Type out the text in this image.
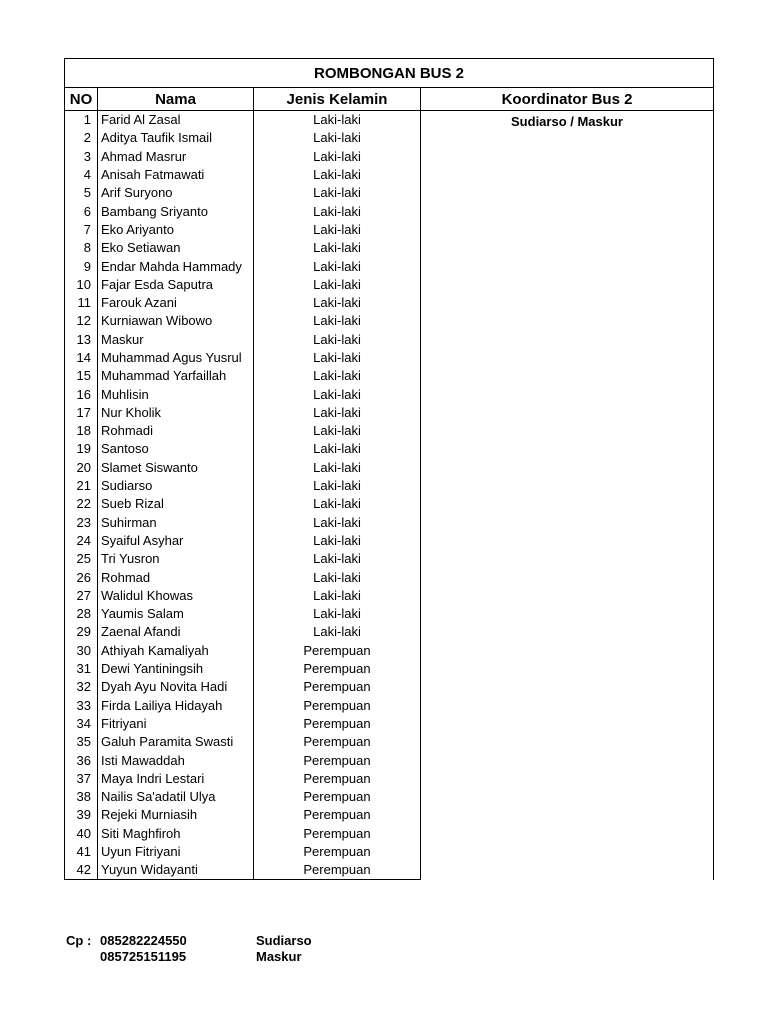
ROMBONGAN BUS 2			
NO	Nama	Jenis Kelamin	Koordinator Bus 2
1	Farid Al Zasal	Laki-laki	Sudiarso / Maskur
2	Aditya Taufik Ismail	Laki-laki	
3	Ahmad Masrur	Laki-laki	
4	Anisah Fatmawati	Laki-laki	
5	Arif Suryono	Laki-laki	
6	Bambang Sriyanto	Laki-laki	
7	Eko Ariyanto	Laki-laki	
8	Eko Setiawan	Laki-laki	
9	Endar Mahda Hammady	Laki-laki	
10	Fajar Esda Saputra	Laki-laki	
11	Farouk Azani	Laki-laki	
12	Kurniawan Wibowo	Laki-laki	
13	Maskur	Laki-laki	
14	Muhammad Agus Yusrul	Laki-laki	
15	Muhammad Yarfaillah	Laki-laki	
16	Muhlisin	Laki-laki	
17	Nur Kholik	Laki-laki	
18	Rohmadi	Laki-laki	
19	Santoso	Laki-laki	
20	Slamet Siswanto	Laki-laki	
21	Sudiarso	Laki-laki	
22	Sueb Rizal	Laki-laki	
23	Suhirman	Laki-laki	
24	Syaiful Asyhar	Laki-laki	
25	Tri Yusron	Laki-laki	
26	Rohmad	Laki-laki	
27	Walidul Khowas	Laki-laki	
28	Yaumis Salam	Laki-laki	
29	Zaenal Afandi	Laki-laki	
30	Athiyah Kamaliyah	Perempuan	
31	Dewi Yantiningsih	Perempuan	
32	Dyah Ayu Novita Hadi	Perempuan	
33	Firda Lailiya Hidayah	Perempuan	
34	Fitriyani	Perempuan	
35	Galuh Paramita Swasti	Perempuan	
36	Isti Mawaddah	Perempuan	
37	Maya Indri Lestari	Perempuan	
38	Nailis Sa'adatil Ulya	Perempuan	
39	Rejeki Murniasih	Perempuan	
40	Siti Maghfiroh	Perempuan	
41	Uyun Fitriyani	Perempuan	
42	Yuyun Widayanti	Perempuan	
Cp : 085282224550
085725151195
Sudiarso
Maskur
